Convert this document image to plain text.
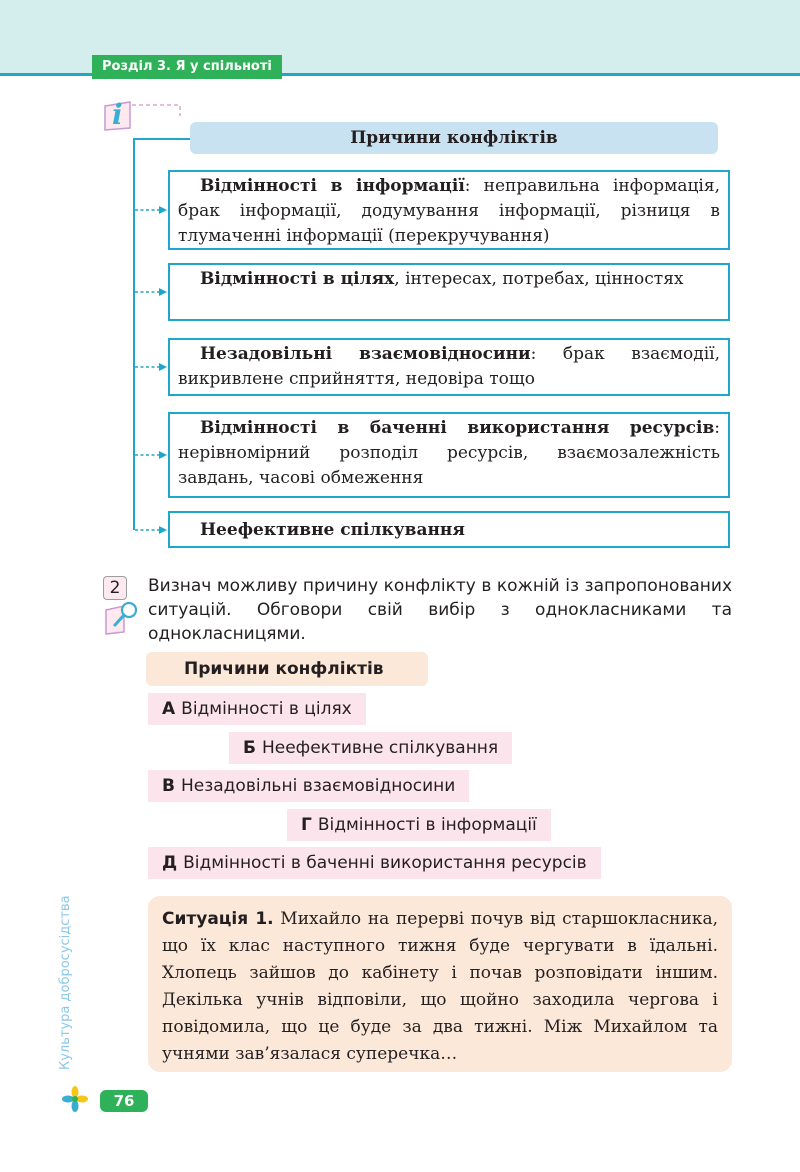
Розділ 3. Я у спільноті
i
Причини конфліктів
Відмінності в інформації: неправильна інформація, брак інформації, додумування інформації, різниця в тлумаченні інформації (перекручування)
Відмінності в цілях, інтересах, потребах, цінностях
Незадовільні взаємовідносини: брак взаємодії, викривлене сприйняття, недовіра тощо
Відмінності в баченні використання ресурсів: нерівномірний розподіл ресурсів, взаємозалежність завдань, часові обмеження
Неефективне спілкування
2	Визнач можливу причину конфлікту в кожній із запропонованих ситуацій. Обговори свій вибір з однокласниками та однокласницями.
Причини конфліктів
А Відмінності в цілях
Б Неефективне спілкування
В Незадовільні взаємовідносини
Г Відмінності в інформації
Д Відмінності в баченні використання ресурсів
Ситуація 1. Михайло на перерві почув від старшокласника, що їх клас наступного тижня буде чергувати в їдальні. Хлопець зайшов до кабінету і почав розповідати іншим. Декілька учнів відповіли, що щойно заходила чергова і повідомила, що це буде за два тижні. Між Михайлом та учнями зав’язалася суперечка…
Культура добросусідства
76
